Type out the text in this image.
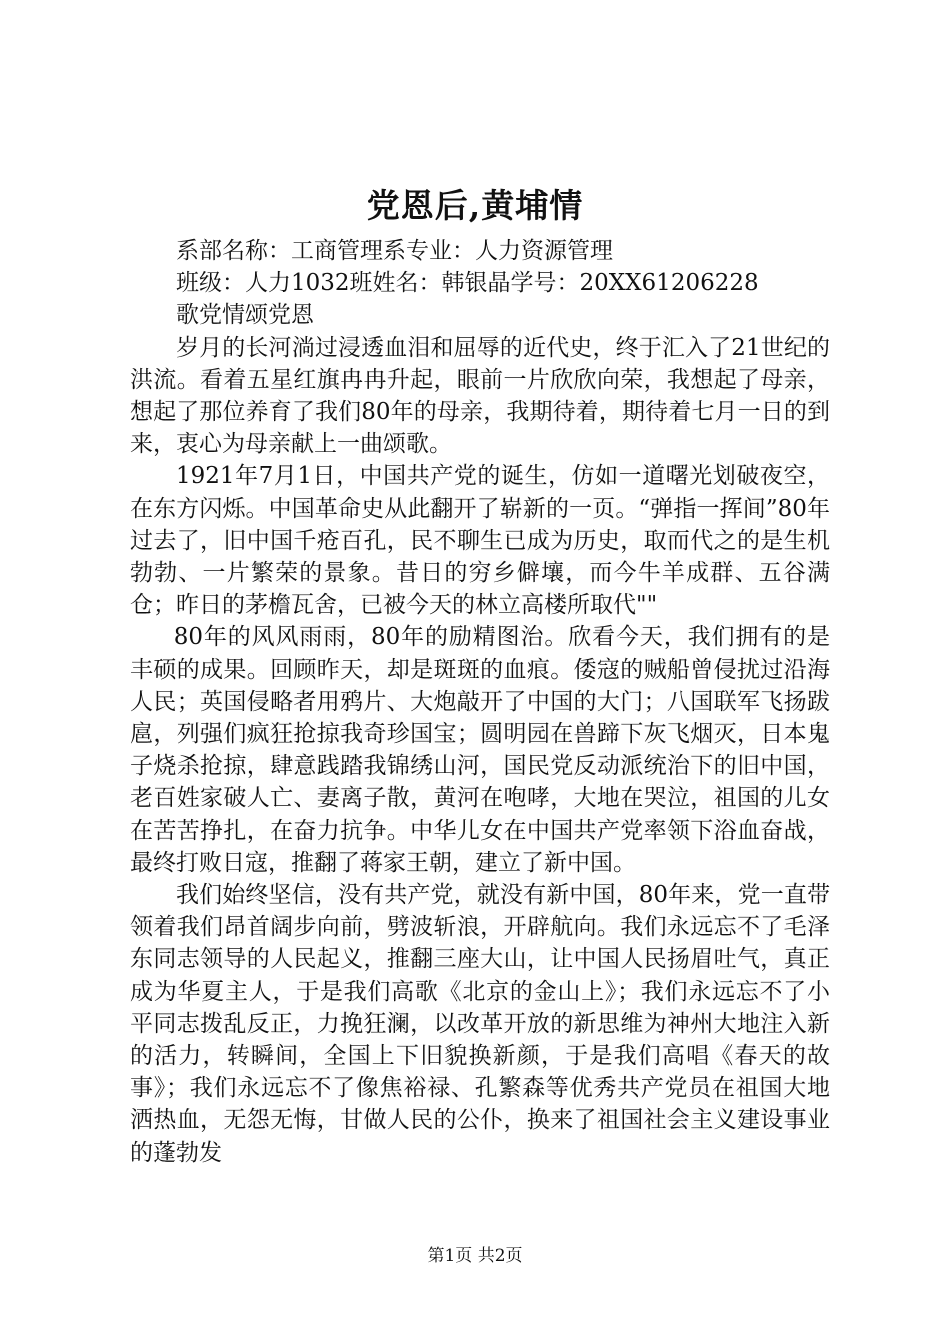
党恩后,黄埔情

系部名称：工商管理系专业：人力资源管理

班级：人力1032班姓名：韩银晶学号：20XX61206228

歌党情颂党恩

岁月的长河淌过浸透血泪和屈辱的近代史，终于汇入了21世纪的洪流。看着五星红旗冉冉升起，眼前一片欣欣向荣，我想起了母亲，想起了那位养育了我们80年的母亲，我期待着，期待着七月一日的到来，衷心为母亲献上一曲颂歌。

1921年7月1日，中国共产党的诞生，仿如一道曙光划破夜空，在东方闪烁。中国革命史从此翻开了崭新的一页。“弹指一挥间”80年过去了，旧中国千疮百孔，民不聊生已成为历史，取而代之的是生机勃勃、一片繁荣的景象。昔日的穷乡僻壤，而今牛羊成群、五谷满仓；昨日的茅檐瓦舍，已被今天的林立高楼所取代""

80年的风风雨雨，80年的励精图治。欣看今天，我们拥有的是丰硕的成果。回顾昨天，却是斑斑的血痕。倭寇的贼船曾侵扰过沿海人民；英国侵略者用鸦片、大炮敲开了中国的大门；八国联军飞扬跋扈，列强们疯狂抢掠我奇珍国宝；圆明园在兽蹄下灰飞烟灭，日本鬼子烧杀抢掠，肆意践踏我锦绣山河，国民党反动派统治下的旧中国，老百姓家破人亡、妻离子散，黄河在咆哮，大地在哭泣，祖国的儿女在苦苦挣扎，在奋力抗争。中华儿女在中国共产党率领下浴血奋战，最终打败日寇，推翻了蒋家王朝，建立了新中国。

我们始终坚信，没有共产党，就没有新中国，80年来，党一直带领着我们昂首阔步向前，劈波斩浪，开辟航向。我们永远忘不了毛泽东同志领导的人民起义，推翻三座大山，让中国人民扬眉吐气，真正成为华夏主人，于是我们高歌《北京的金山上》；我们永远忘不了小平同志拨乱反正，力挽狂澜，以改革开放的新思维为神州大地注入新的活力，转瞬间，全国上下旧貌换新颜，于是我们高唱《春天的故事》；我们永远忘不了像焦裕禄、孔繁森等优秀共产党员在祖国大地洒热血，无怨无悔，甘做人民的公仆，换来了祖国社会主义建设事业的蓬勃发

第1页 共2页
